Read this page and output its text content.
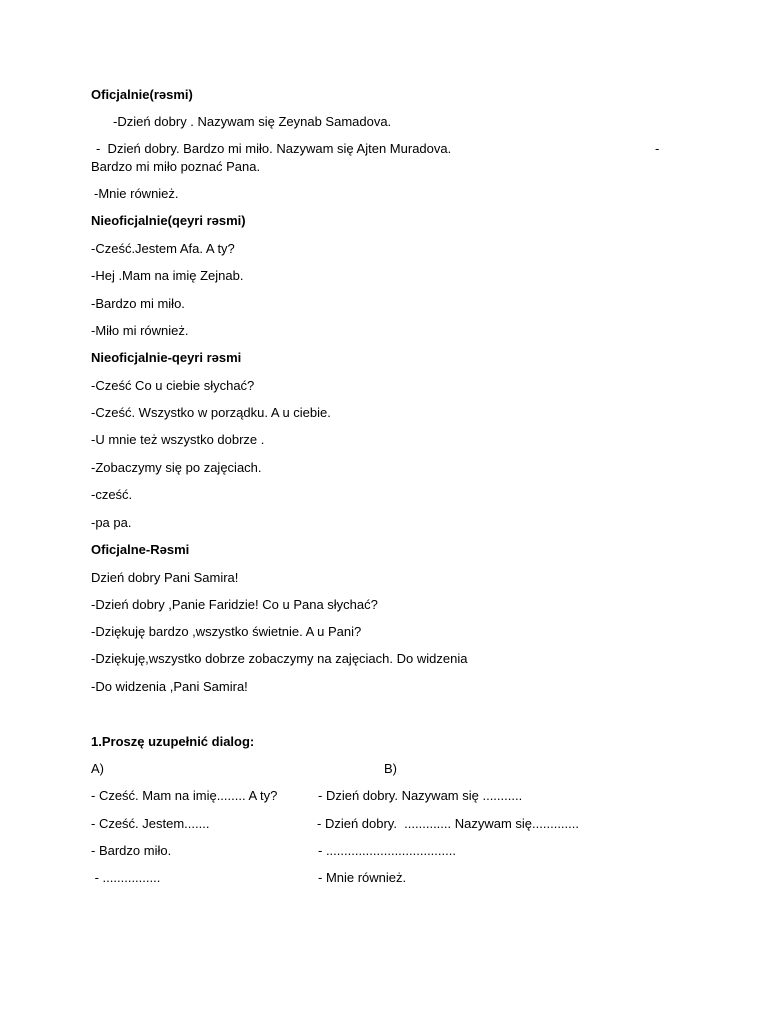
Oficjalnie(rəsmi)
-Dzień dobry . Nazywam się Zeynab Samadova.
-  Dzień dobry. Bardzo mi miło. Nazywam się Ajten Muradova.	-
Bardzo mi miło poznać Pana.
-Mnie również.
Nieoficjalnie(qeyri rəsmi)
-Cześć.Jestem Afa. A ty?
-Hej .Mam na imię Zejnab.
-Bardzo mi miło.
-Miło mi również.
Nieoficjalnie-qeyri rəsmi
-Cześć Co u ciebie słychać?
-Cześć. Wszystko w porządku. A u ciebie.
-U mnie też wszystko dobrze .
-Zobaczymy się po zajęciach.
-cześć.
-pa pa.
Oficjalne-Rəsmi
Dzień dobry Pani Samira!
-Dzień dobry ,Panie Faridzie! Co u Pana słychać?
-Dziękuję bardzo ,wszystko świetnie. A u Pani?
-Dziękuję,wszystko dobrze zobaczymy na zajęciach. Do widzenia
-Do widzenia ,Pani Samira!
1.Proszę uzupełnić dialog:
A)	B)
- Cześć. Mam na imię........ A ty?	- Dzień dobry. Nazywam się ...........
- Cześć. Jestem.......	- Dzień dobry.  ............. Nazywam się.............
- Bardzo miło.	- ....................................
- ................	- Mnie również.
